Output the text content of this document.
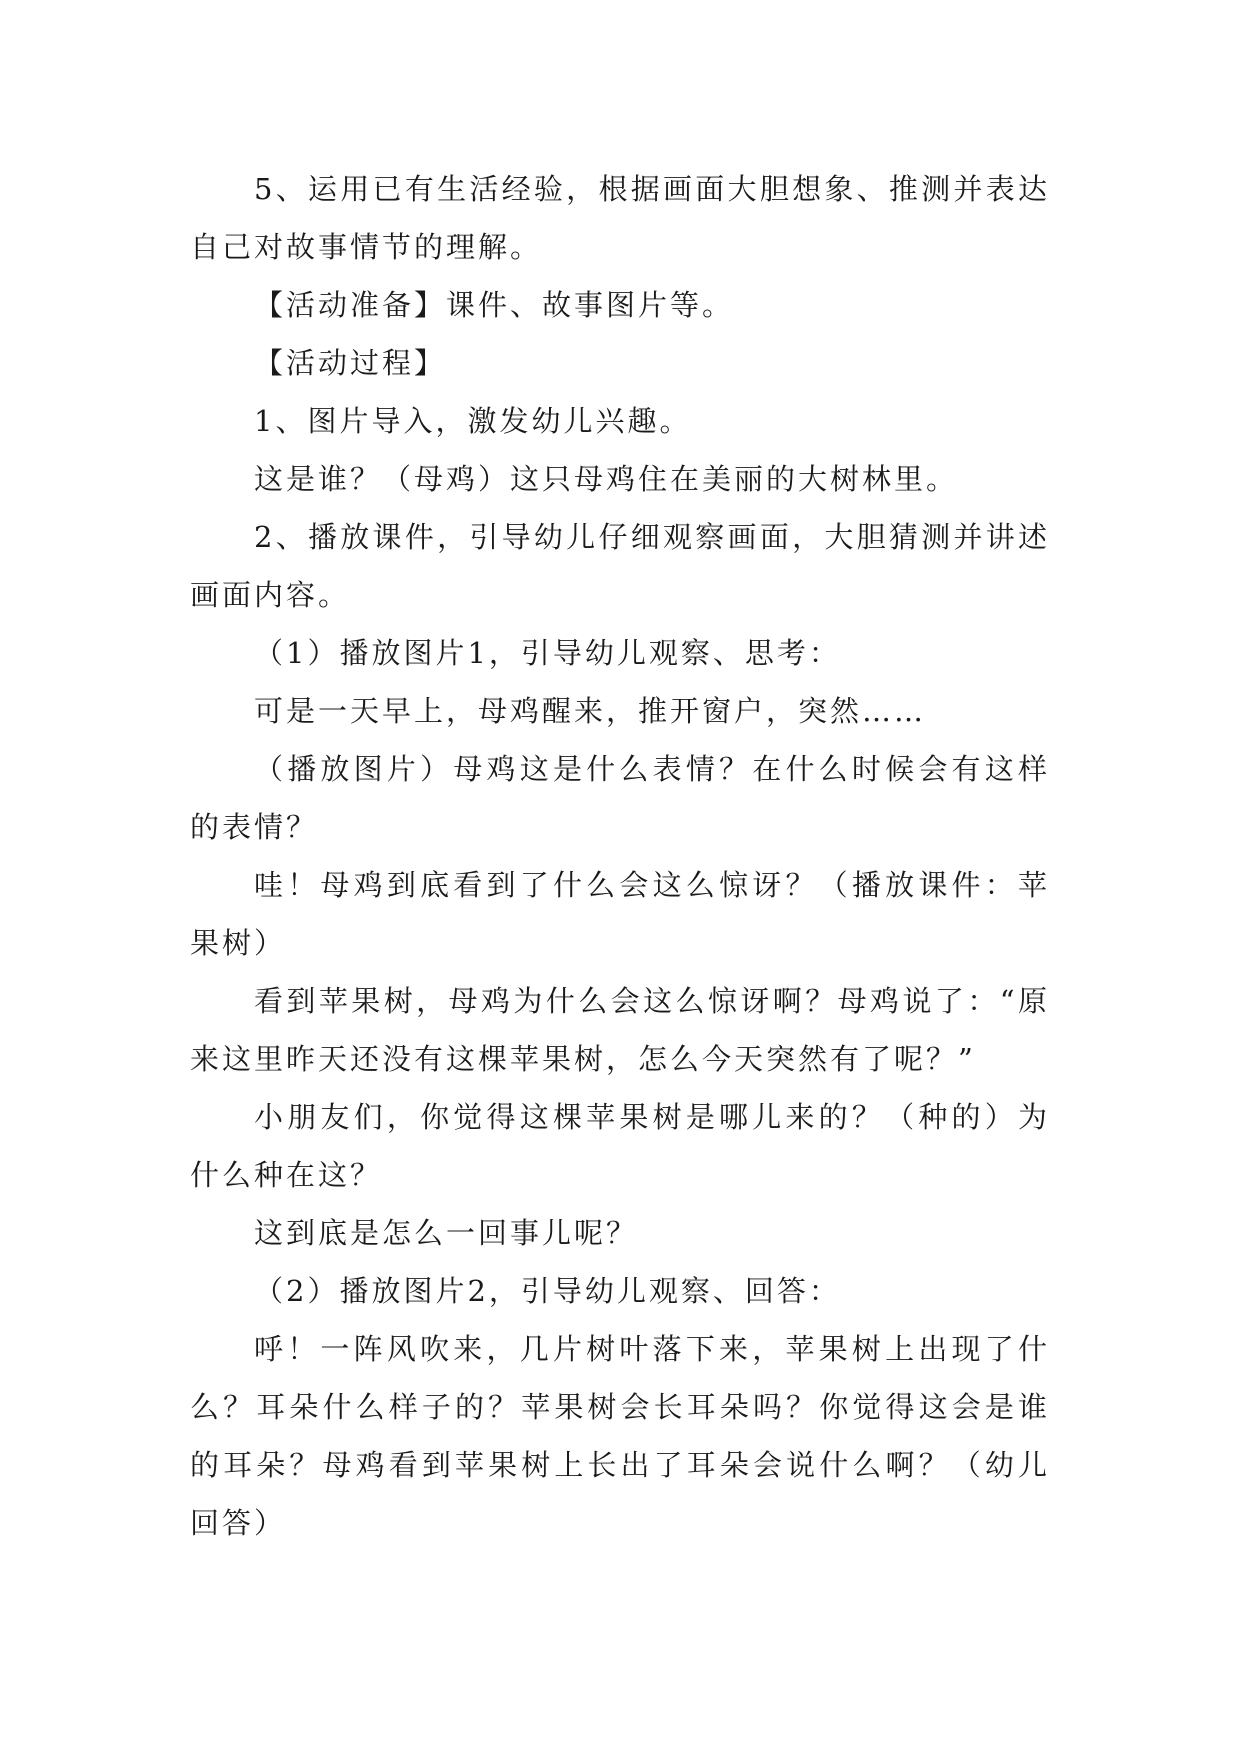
5、运用已有生活经验，根据画面大胆想象、推测并表达自己对故事情节的理解。

【活动准备】课件、故事图片等。

【活动过程】

1、图片导入，激发幼儿兴趣。

这是谁？（母鸡）这只母鸡住在美丽的大树林里。

2、播放课件，引导幼儿仔细观察画面，大胆猜测并讲述画面内容。

（1）播放图片1，引导幼儿观察、思考：

可是一天早上，母鸡醒来，推开窗户，突然……

（播放图片）母鸡这是什么表情？在什么时候会有这样的表情？

哇！母鸡到底看到了什么会这么惊讶？（播放课件：苹果树）

看到苹果树，母鸡为什么会这么惊讶啊？母鸡说了：“原来这里昨天还没有这棵苹果树，怎么今天突然有了呢？”

小朋友们，你觉得这棵苹果树是哪儿来的？（种的）为什么种在这？

这到底是怎么一回事儿呢？

（2）播放图片2，引导幼儿观察、回答：

呼！一阵风吹来，几片树叶落下来，苹果树上出现了什么？耳朵什么样子的？苹果树会长耳朵吗？你觉得这会是谁的耳朵？母鸡看到苹果树上长出了耳朵会说什么啊？（幼儿回答）
